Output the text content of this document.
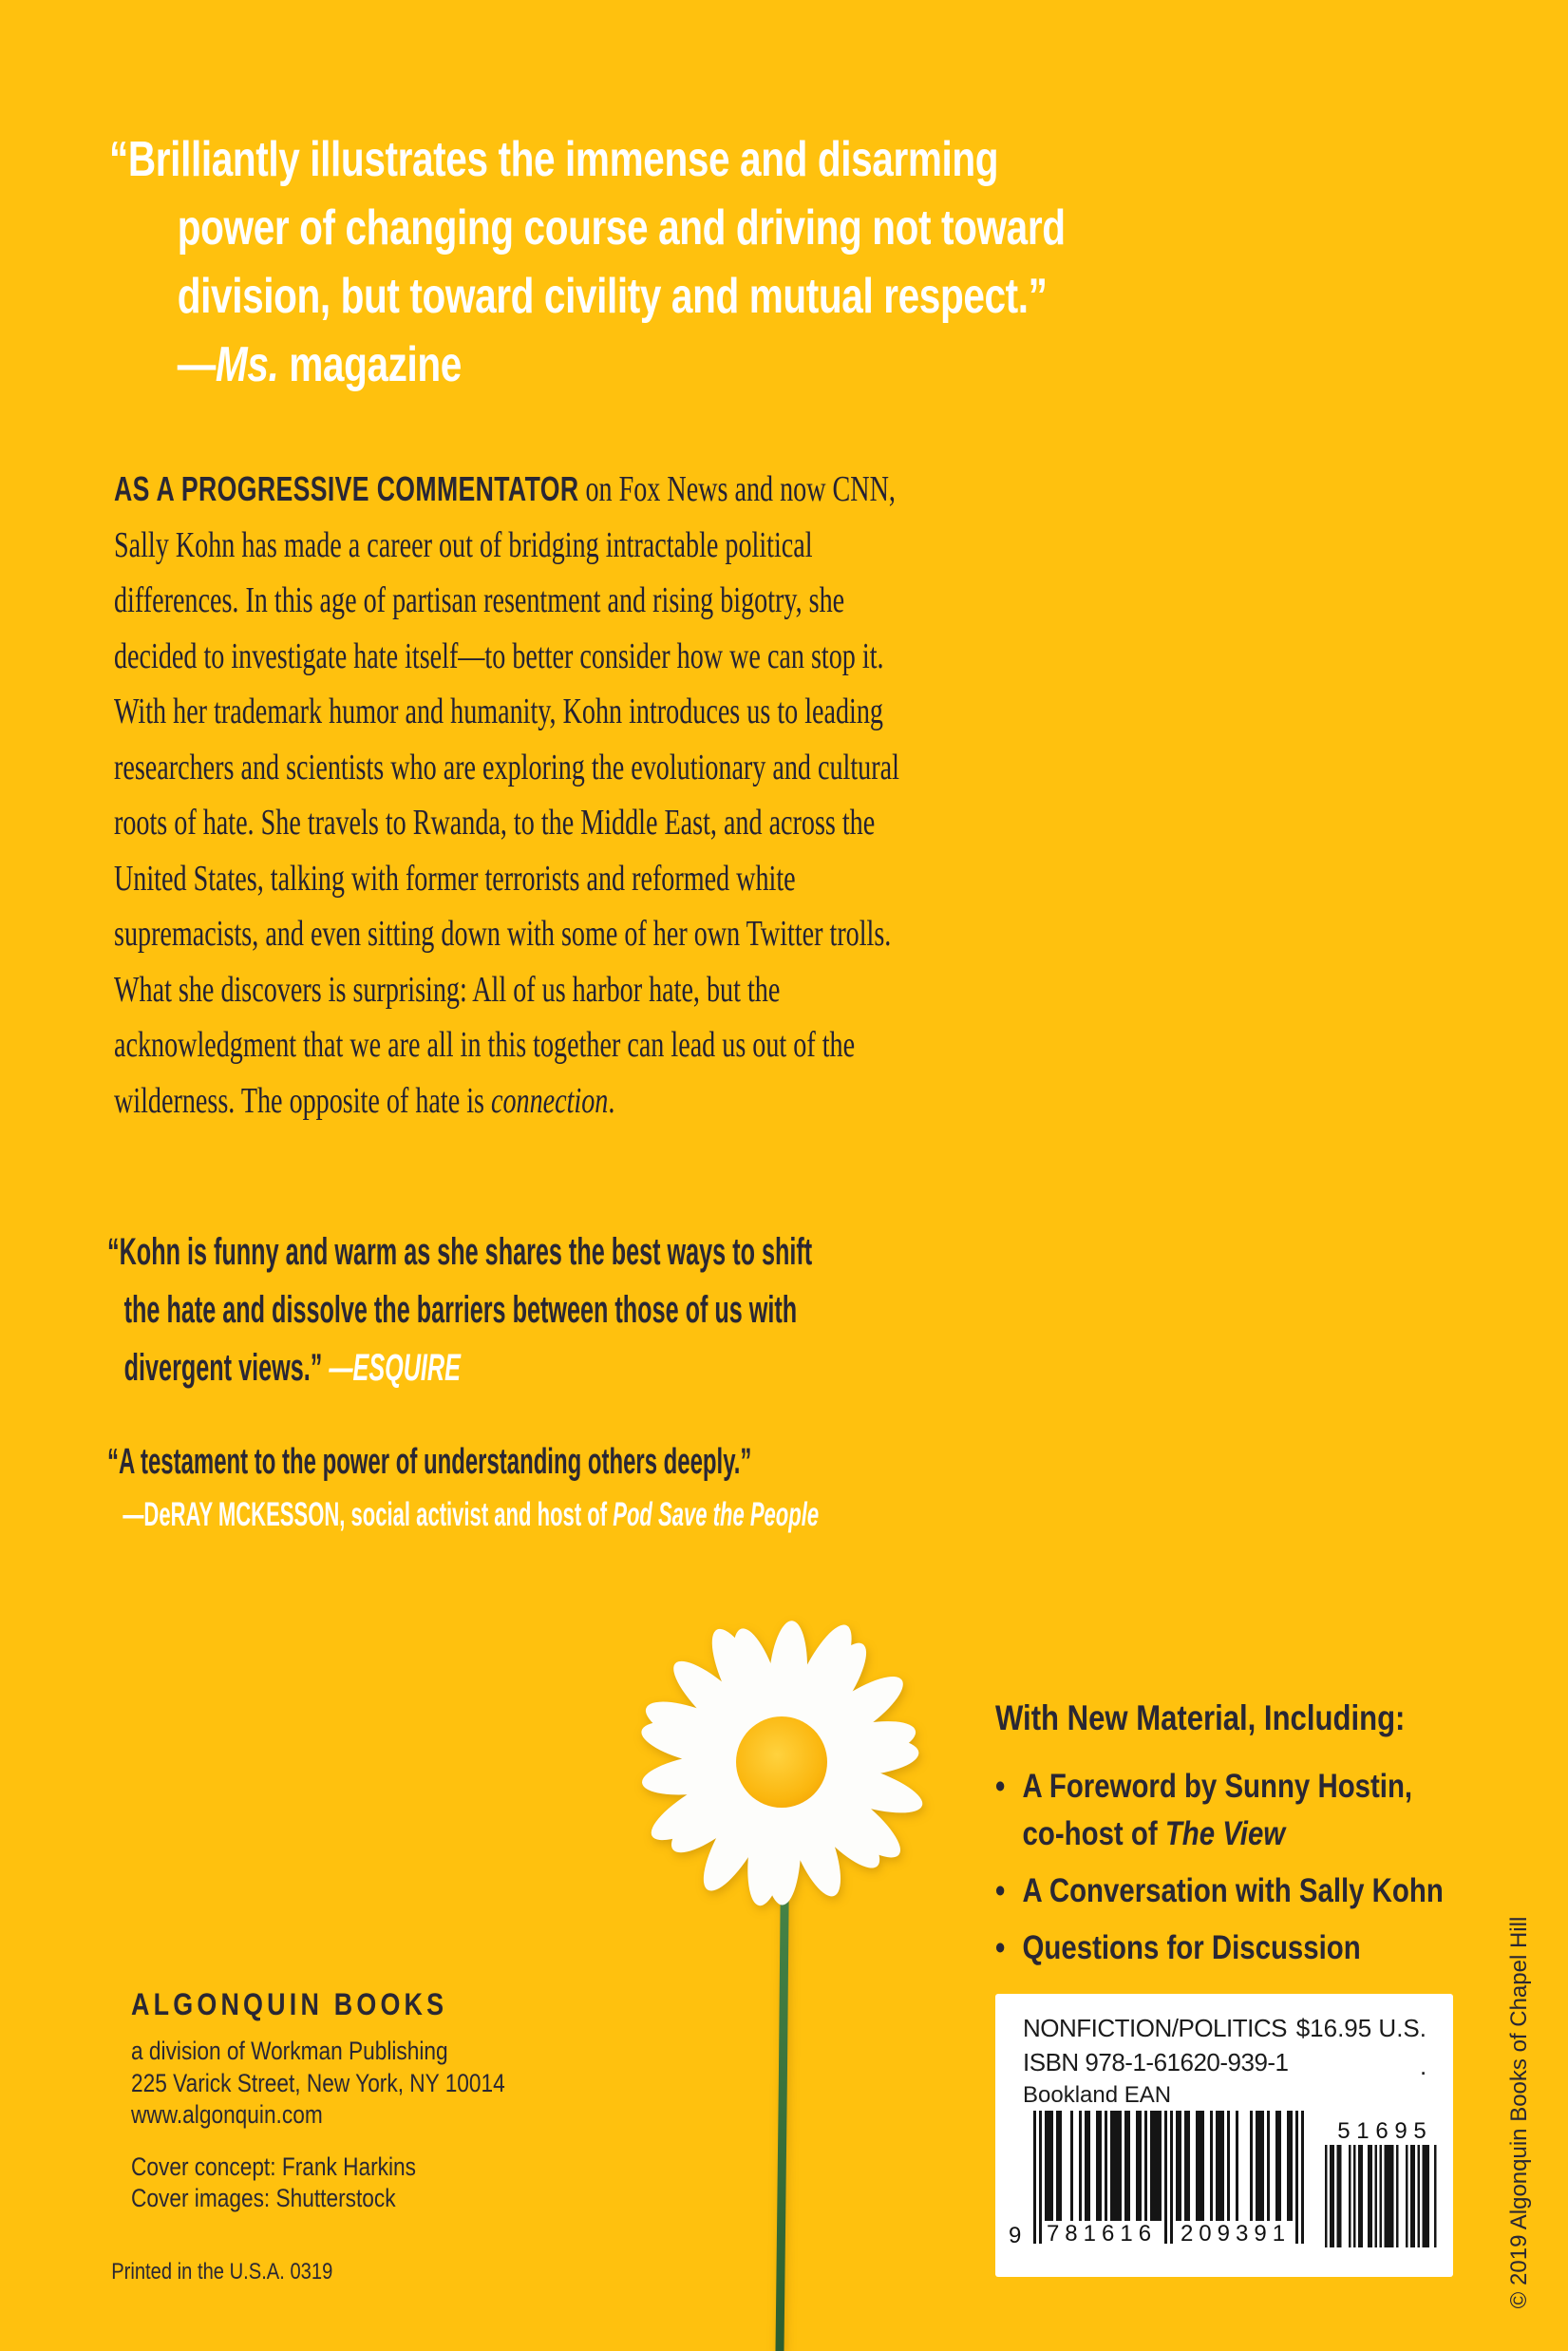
“Brilliantly illustrates the immense and disarming
power of changing course and driving not toward
division, but toward civility and mutual respect.”
—Ms. magazine
AS A PROGRESSIVE COMMENTATOR on Fox News and now CNN, Sally Kohn has made a career out of bridging intractable political differences. In this age of partisan resentment and rising bigotry, she decided to investigate hate itself—to better consider how we can stop it. With her trademark humor and humanity, Kohn introduces us to leading researchers and scientists who are exploring the evolutionary and cultural roots of hate. She travels to Rwanda, to the Middle East, and across the United States, talking with former terrorists and reformed white supremacists, and even sitting down with some of her own Twitter trolls. What she discovers is surprising: All of us harbor hate, but the acknowledgment that we are all in this together can lead us out of the wilderness. The opposite of hate is connection.
“Kohn is funny and warm as she shares the best ways to shift
the hate and dissolve the barriers between those of us with
divergent views.” —ESQUIRE
“A testament to the power of understanding others deeply.”
—DeRAY MCKESSON, social activist and host of Pod Save the People
With New Material, Including:
• A Foreword by Sunny Hostin,
co-host of The View
• A Conversation with Sally Kohn
• Questions for Discussion
ALGONQUIN BOOKS
a division of Workman Publishing
225 Varick Street, New York, NY 10014
www.algonquin.com
Cover concept: Frank Harkins
Cover images: Shutterstock
Printed in the U.S.A. 0319
NONFICTION/POLITICS $16.95 U.S.
ISBN 978-1-61620-939-1	.
Bookland EAN
9 781616 209391
5 1 6 9 5	© 2019 Algonquin Books of Chapel Hill
